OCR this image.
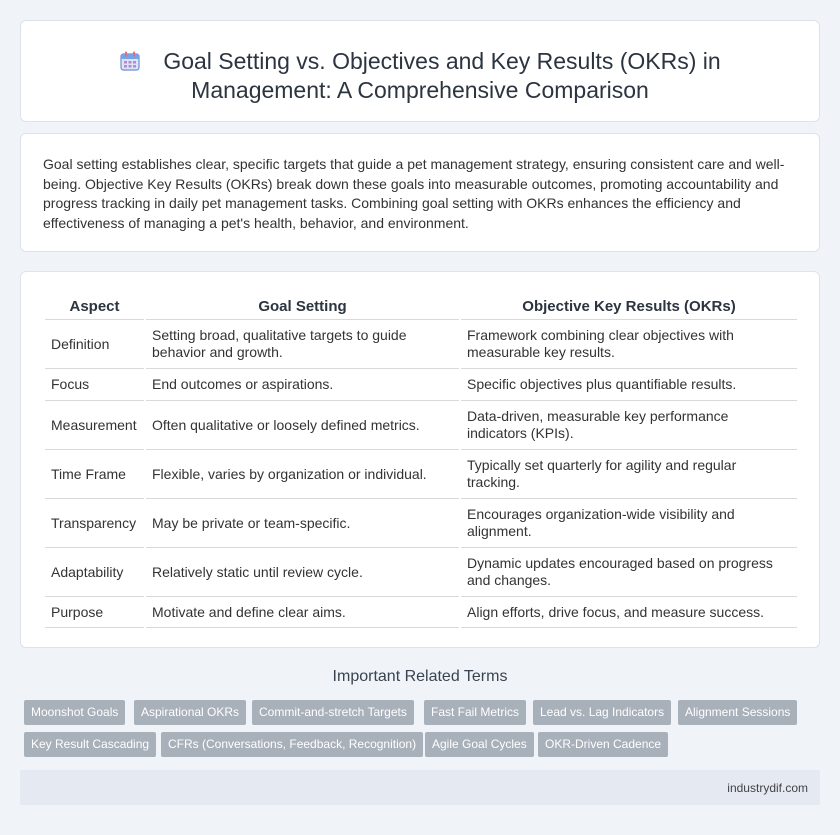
Goal Setting vs. Objectives and Key Results (OKRs) in
Management: A Comprehensive Comparison

Goal setting establishes clear, specific targets that guide a pet management strategy, ensuring consistent care and well-being. Objective Key Results (OKRs) break down these goals into measurable outcomes, promoting accountability and progress tracking in daily pet management tasks. Combining goal setting with OKRs enhances the efficiency and effectiveness of managing a pet's health, behavior, and environment.

Aspect	Goal Setting	Objective Key Results (OKRs)
Definition	Setting broad, qualitative targets to guide behavior and growth.	Framework combining clear objectives with measurable key results.
Focus	End outcomes or aspirations.	Specific objectives plus quantifiable results.
Measurement	Often qualitative or loosely defined metrics.	Data-driven, measurable key performance indicators (KPIs).
Time Frame	Flexible, varies by organization or individual.	Typically set quarterly for agility and regular tracking.
Transparency	May be private or team-specific.	Encourages organization-wide visibility and alignment.
Adaptability	Relatively static until review cycle.	Dynamic updates encouraged based on progress and changes.
Purpose	Motivate and define clear aims.	Align efforts, drive focus, and measure success.
Important Related Terms
Moonshot Goals	Aspirational OKRs	Commit-and-stretch Targets	Fast Fail Metrics	Lead vs. Lag Indicators	Alignment Sessions
Key Result Cascading	CFRs (Conversations, Feedback, Recognition)	Agile Goal Cycles	OKR-Driven Cadence
industrydif.com
